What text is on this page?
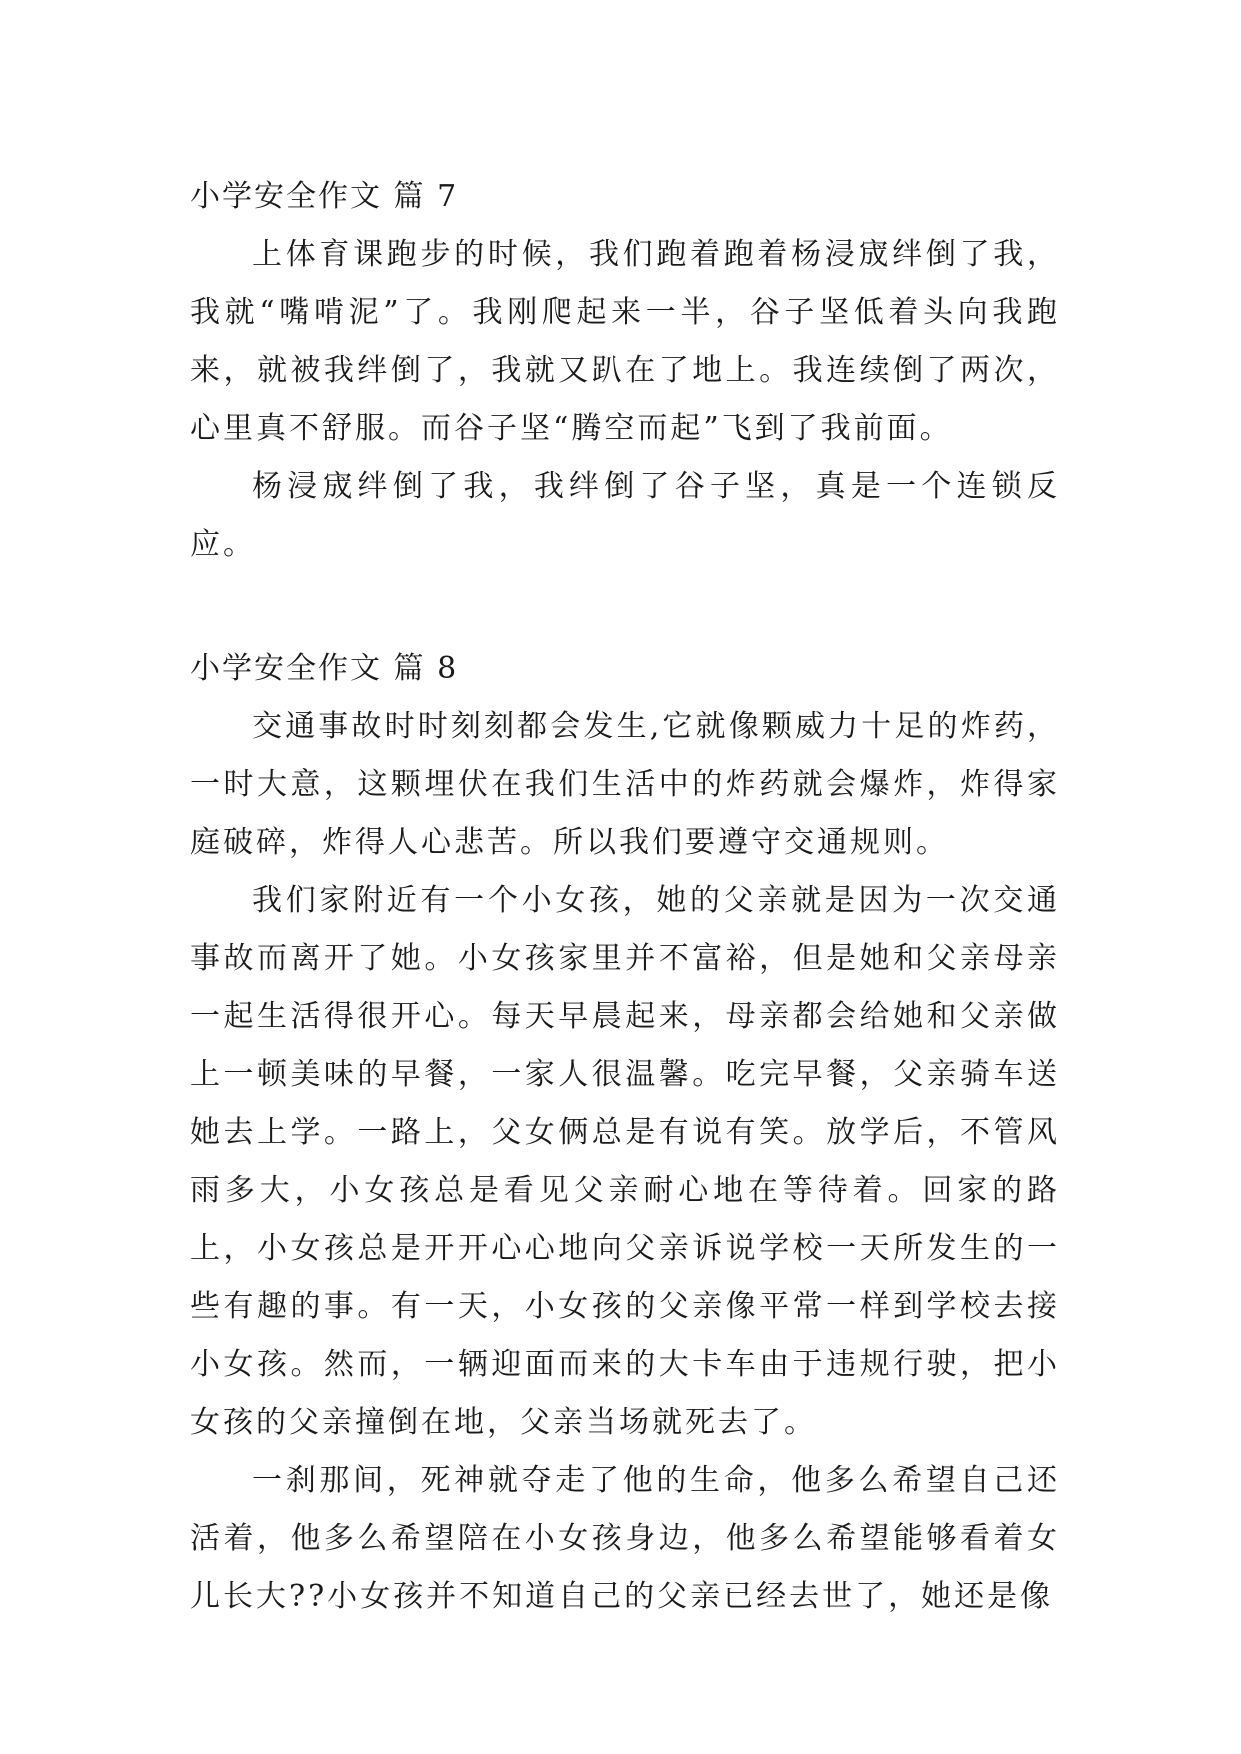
小学安全作文 篇 7

上体育课跑步的时候，我们跑着跑着杨浸宬绊倒了我，我就“嘴啃泥”了。我刚爬起来一半，谷子坚低着头向我跑来，就被我绊倒了，我就又趴在了地上。我连续倒了两次，心里真不舒服。而谷子坚“腾空而起”飞到了我前面。

杨浸宬绊倒了我，我绊倒了谷子坚，真是一个连锁反应。

小学安全作文 篇 8

交通事故时时刻刻都会发生,它就像颗威力十足的炸药，一时大意，这颗埋伏在我们生活中的炸药就会爆炸，炸得家庭破碎，炸得人心悲苦。所以我们要遵守交通规则。

我们家附近有一个小女孩，她的父亲就是因为一次交通事故而离开了她。小女孩家里并不富裕，但是她和父亲母亲一起生活得很开心。每天早晨起来，母亲都会给她和父亲做上一顿美味的早餐，一家人很温馨。吃完早餐，父亲骑车送她去上学。一路上，父女俩总是有说有笑。放学后，不管风雨多大，小女孩总是看见父亲耐心地在等待着。回家的路上，小女孩总是开开心心地向父亲诉说学校一天所发生的一些有趣的事。有一天，小女孩的父亲像平常一样到学校去接小女孩。然而，一辆迎面而来的大卡车由于违规行驶，把小女孩的父亲撞倒在地，父亲当场就死去了。

一刹那间，死神就夺走了他的生命，他多么希望自己还活着，他多么希望陪在小女孩身边，他多么希望能够看着女儿长大??小女孩并不知道自己的父亲已经去世了，她还是像
